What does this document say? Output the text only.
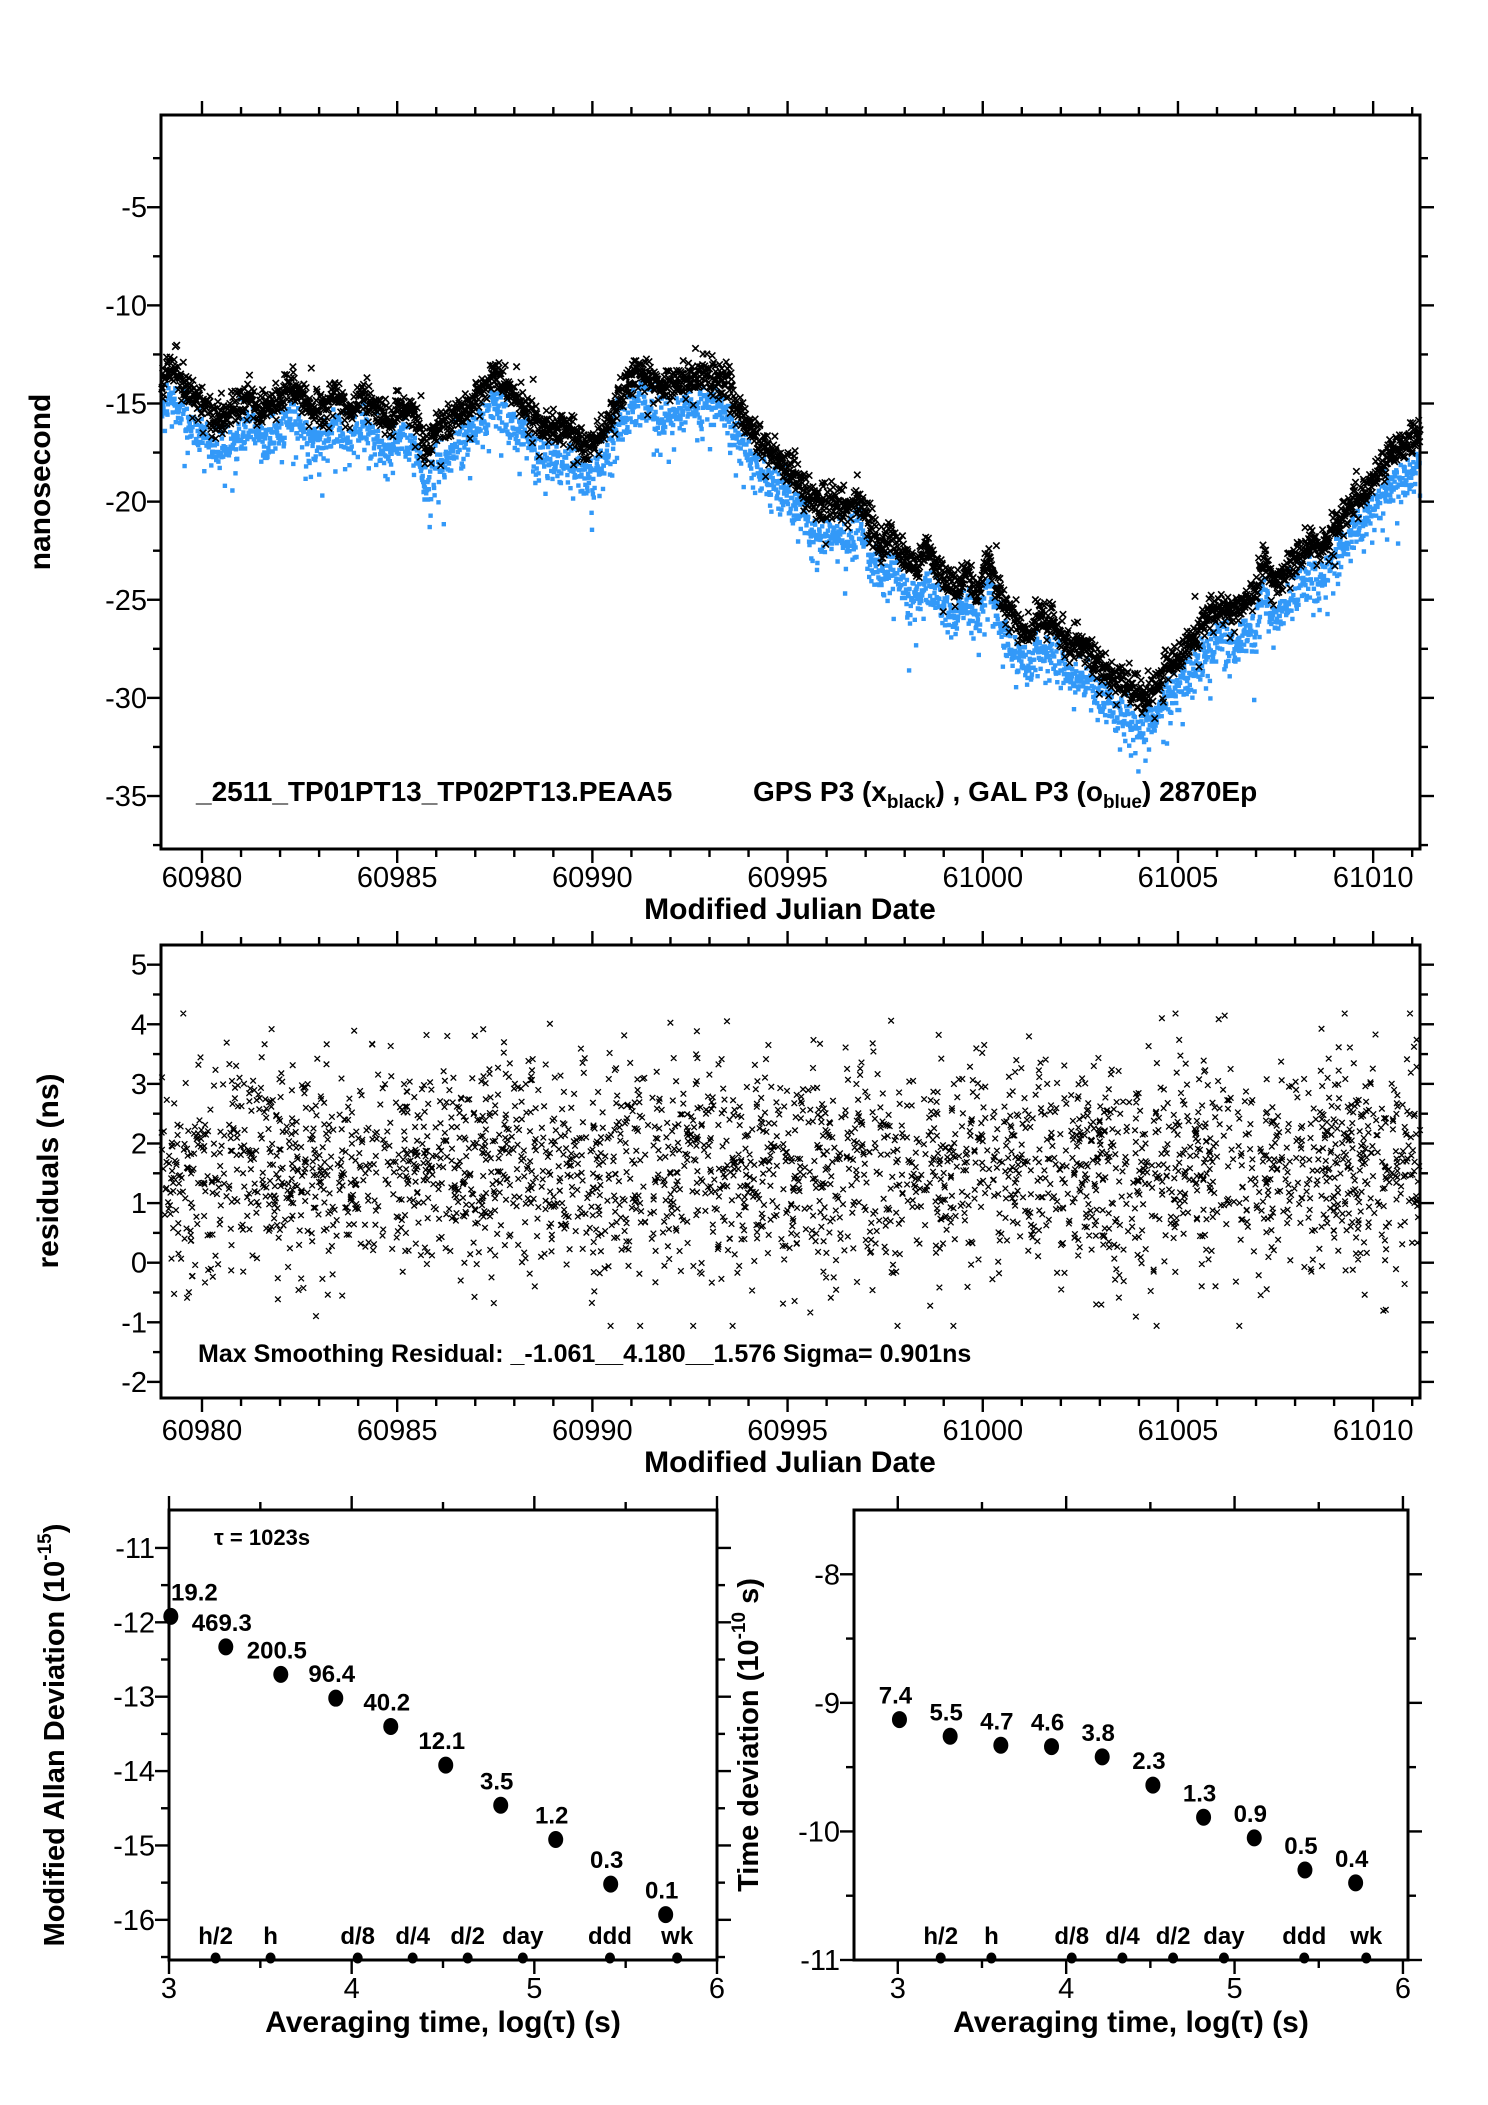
60980	60985	60990	60995	61000	61005	61010
-5
-10
-15
-20
-25
-30
-35
Modified Julian Date
nanosecond
_2511_TP01PT13_TP02PT13.PEAA5	GPS P3 $(x_{black})$ , GAL P3 $(o_{blue})$ 2870Ep
60980	60985	60990	60995	61000	61005	61010
5
4
3
2
1
0
-1
-2
Modified Julian Date
residuals (ns)
Max Smoothing Residual: _-1.061__4.180__1.576 Sigma= 0.901ns
3	4	5	6
-11
-12
-13
-14
-15
-16
Averaging time, log(τ) (s)
Modified Allan Deviation $(10^{-15})$
19.2
469.3
200.5
96.4
40.2
12.1
3.5
1.2
0.3
0.1
h/2 h	d/8 d/4 d/2 day ddd wk
τ = 1023s
3	4	5	6
-8
-9
-10
-11
Averaging time, log(τ) (s)
Time deviation ($10^{-10}$ s)
7.4
5.5 4.7 4.6 3.8
2.3
1.3
0.9
0.5 0.4
h/2 h d/8 d/4 d/2 day ddd wk
